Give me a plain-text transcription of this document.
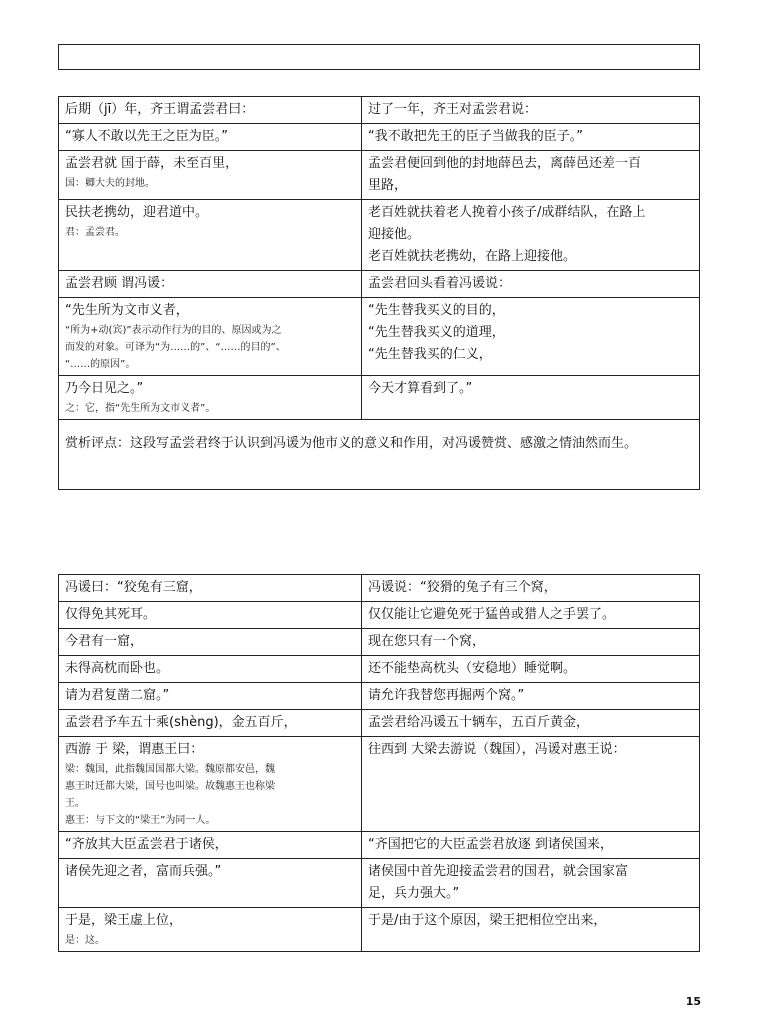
后期（jī）年，齐王谓孟尝君曰：	过了一年，齐王对孟尝君说：

“寡人不敢以先王之臣为臣。”	“我不敢把先王的臣子当做我的臣子。”

孟尝君就 国于薛，未至百里，
国：卿大夫的封地。	孟尝君便回到他的封地薛邑去，离薛邑还差一百
里路，

民扶老携幼，迎君道中。
君：孟尝君。	老百姓就扶着老人挽着小孩子/成群结队，在路上
迎接他。
老百姓就扶老携幼，在路上迎接他。

孟尝君顾 谓冯谖：	孟尝君回头看着冯谖说：

“先生所为文市义者，
“所为+动(宾)”表示动作行为的目的、原因或为之
而发的对象。可译为“为……的”、“……的目的”、
“……的原因”。	“先生替我买义的目的，
“先生替我买义的道理，
“先生替我买的仁义，

乃今日见之。”
之：它，指“先生所为文市义者”。	今天才算看到了。”

赏析评点：这段写孟尝君终于认识到冯谖为他市义的意义和作用，对冯谖赞赏、感激之情油然而生。	
冯谖曰：“狡兔有三窟，	冯谖说：“狡猾的兔子有三个窝，

仅得免其死耳。	仅仅能让它避免死于猛兽或猎人之手罢了。

今君有一窟，	现在您只有一个窝，

未得高枕而卧也。	还不能垫高枕头（安稳地）睡觉啊。

请为君复凿二窟。”	请允许我替您再掘两个窝。”

孟尝君予车五十乘(shèng)，金五百斤，	孟尝君给冯谖五十辆车，五百斤黄金，

西游 于 梁，谓惠王曰：
梁：魏国，此指魏国国都大梁。魏原都安邑，魏
惠王时迁都大梁，国号也叫梁。故魏惠王也称梁
王。
惠王：与下文的“梁王”为同一人。	往西到 大梁去游说（魏国），冯谖对惠王说：

“齐放其大臣孟尝君于诸侯，	“齐国把它的大臣孟尝君放逐 到诸侯国来，

诸侯先迎之者，富而兵强。”	诸侯国中首先迎接孟尝君的国君，就会国家富
足，兵力强大。”

于是，梁王虚上位，
是：这。	于是/由于这个原因，梁王把相位空出来，
15
